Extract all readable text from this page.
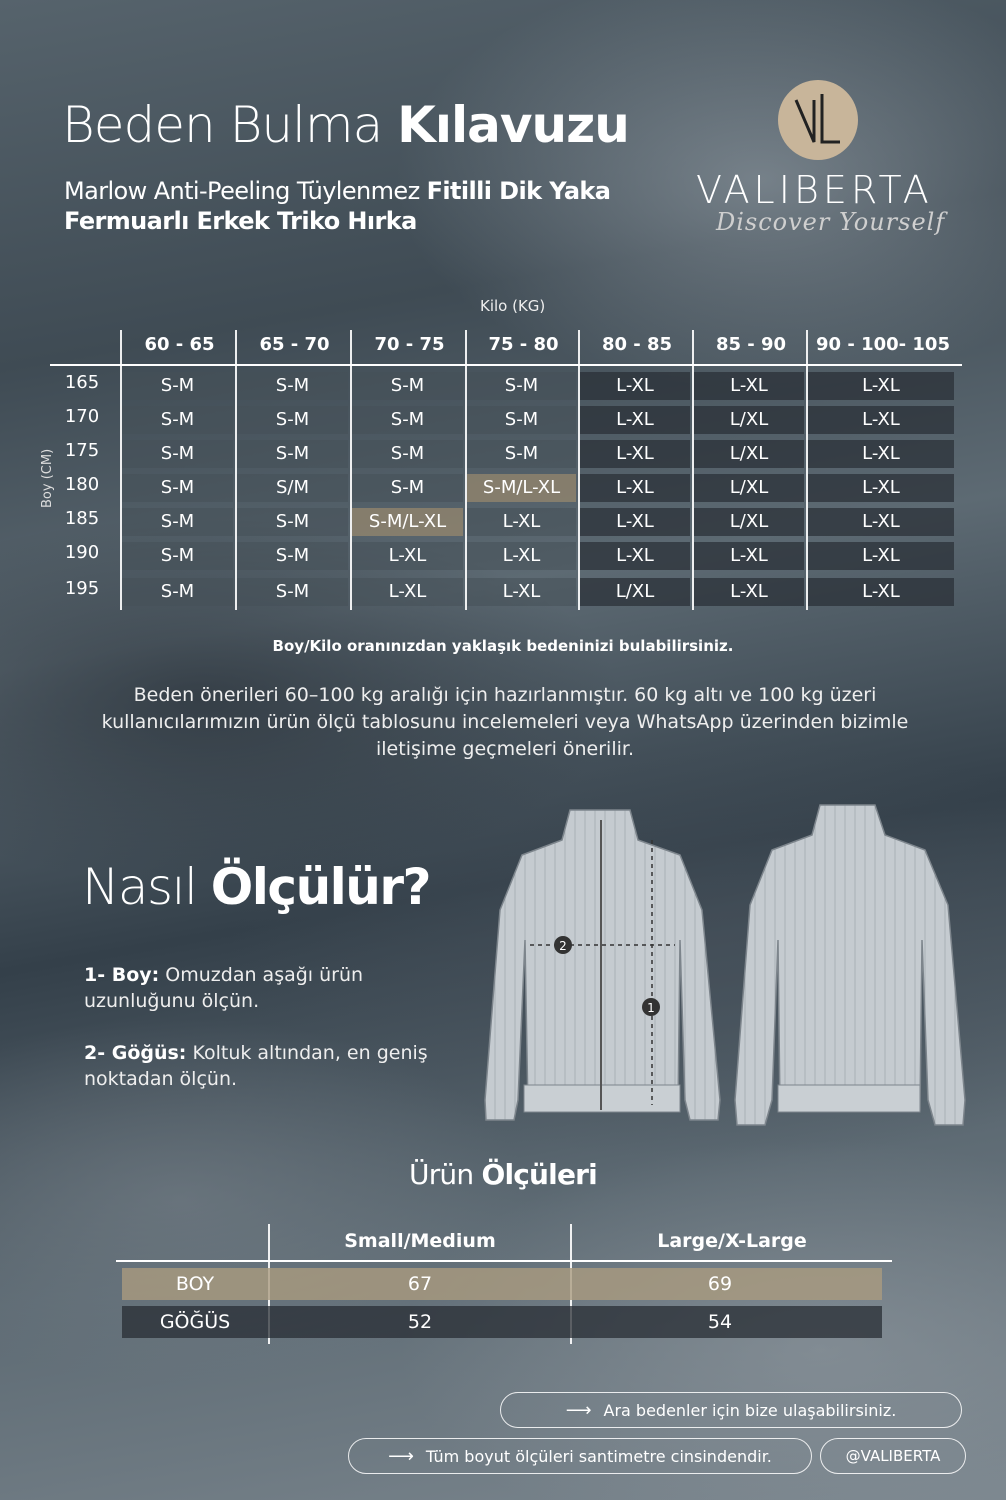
Beden Bulma Kılavuzu
Marlow Anti-Peeling Tüylenmez Fitilli Dik Yaka
Fermuarlı Erkek Triko Hırka
VALIBERTA
Discover Yourself
Kilo (KG)
Boy (CM)
60 - 65	65 - 70	70 - 75	75 - 80	80 - 85	85 - 90	90 - 100- 105
165	S-M	S-M	S-M	S-M	L-XL	L-XL	L-XL
170	S-M	S-M	S-M	S-M	L-XL	L/XL	L-XL
175	S-M	S-M	S-M	S-M	L-XL	L/XL	L-XL
180	S-M	S/M	S-M	S-M/L-XL	L-XL	L/XL	L-XL
185	S-M	S-M	S-M/L-XL	L-XL	L-XL	L/XL	L-XL
190	S-M	S-M	L-XL	L-XL	L-XL	L-XL	L-XL
195	S-M	S-M	L-XL	L-XL	L/XL	L-XL	L-XL
Boy/Kilo oranınızdan yaklaşık bedeninizi bulabilirsiniz.
Beden önerileri 60–100 kg aralığı için hazırlanmıştır. 60 kg altı ve 100 kg üzeri kullanıcılarımızın ürün ölçü tablosunu incelemeleri veya WhatsApp üzerinden bizimle iletişime geçmeleri önerilir.
Nasıl Ölçülür?
1- Boy: Omuzdan aşağı ürün uzunluğunu ölçün.
2- Göğüs: Koltuk altından, en geniş noktadan ölçün.
2
1
Ürün Ölçüleri
Small/Medium	Large/X-Large
BOY	67	69
GÖĞÜS	52	54
⟶ Ara bedenler için bize ulaşabilirsiniz.
⟶ Tüm boyut ölçüleri santimetre cinsindendir.	@VALIBERTA
